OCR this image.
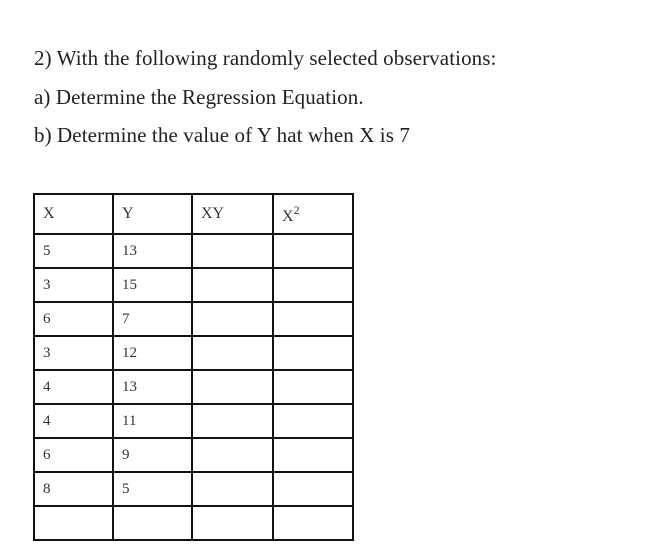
2) With the following randomly selected observations:

a) Determine the Regression Equation.

b) Determine the value of Y hat when X is 7

X	Y	XY	$X^2$
5	13		
3	15		
6	7		
3	12		
4	13		
4	11		
6	9		
8	5		
